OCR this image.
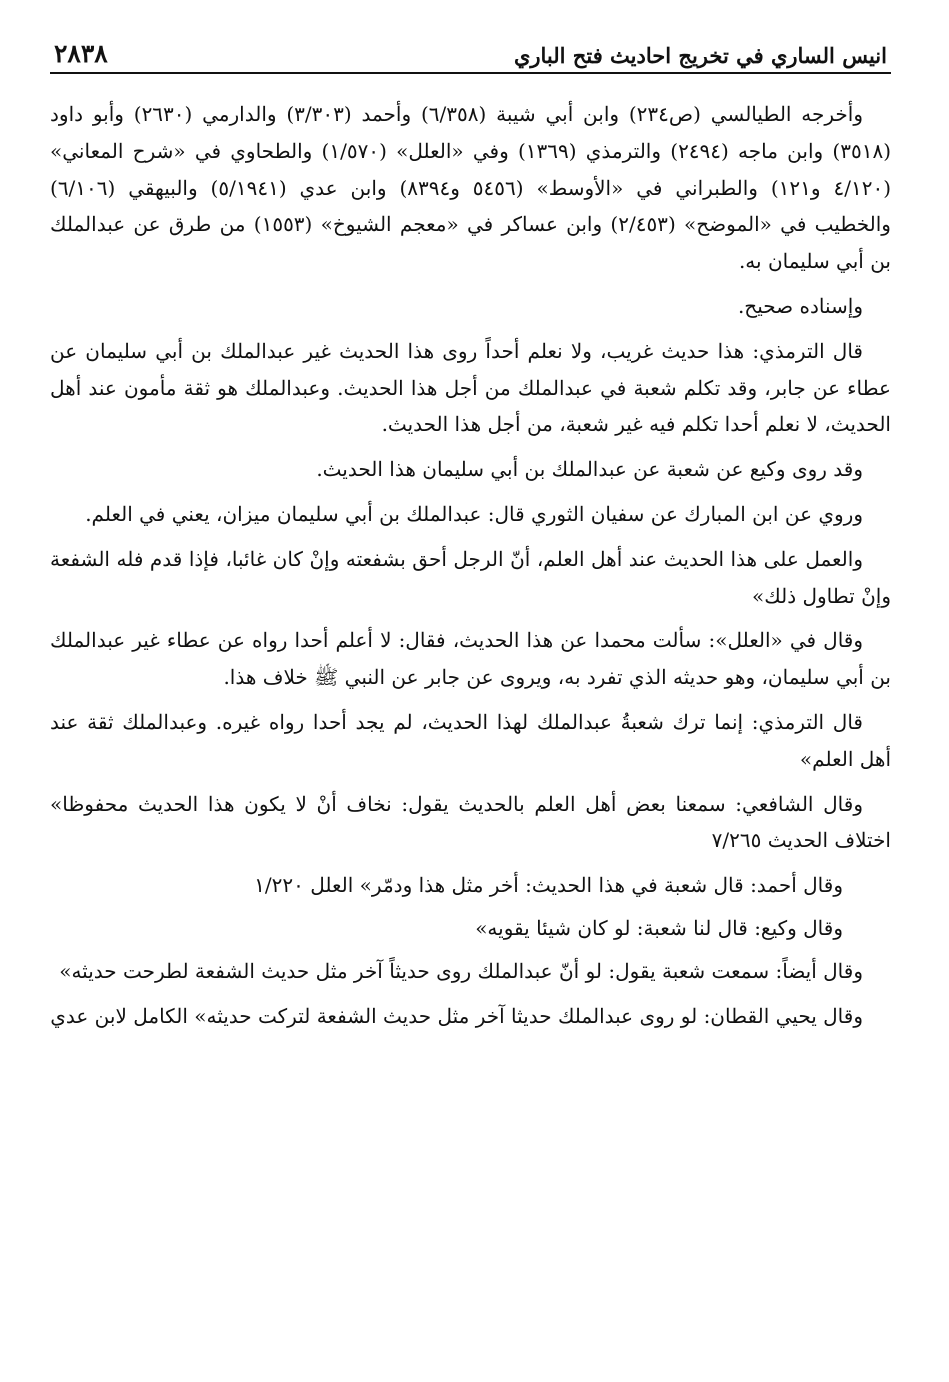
انيس الساري في تخريج احاديث فتح الباري
٢٨٣٨

وأخرجه الطيالسي (ص٢٣٤) وابن أبي شيبة (٦/٣٥٨) وأحمد (٣/٣٠٣) والدارمي (٢٦٣٠) وأبو داود (٣٥١٨) وابن ماجه (٢٤٩٤) والترمذي (١٣٦٩) وفي «العلل» (١/٥٧٠) والطحاوي في «شرح المعاني» (٤/١٢٠ و١٢١) والطبراني في «الأوسط» (٥٤٥٦ و٨٣٩٤) وابن عدي (٥/١٩٤١) والبيهقي (٦/١٠٦) والخطيب في «الموضح» (٢/٤٥٣) وابن عساكر في «معجم الشيوخ» (١٥٥٣) من طرق عن عبدالملك بن أبي سليمان به.

وإسناده صحيح.

قال الترمذي: هذا حديث غريب، ولا نعلم أحداً روى هذا الحديث غير عبدالملك بن أبي سليمان عن عطاء عن جابر، وقد تكلم شعبة في عبدالملك من أجل هذا الحديث. وعبدالملك هو ثقة مأمون عند أهل الحديث، لا نعلم أحدا تكلم فيه غير شعبة، من أجل هذا الحديث.

وقد روى وكيع عن شعبة عن عبدالملك بن أبي سليمان هذا الحديث.

وروي عن ابن المبارك عن سفيان الثوري قال: عبدالملك بن أبي سليمان ميزان، يعني في العلم.

والعمل على هذا الحديث عند أهل العلم، أنّ الرجل أحق بشفعته وإنْ كان غائبا، فإذا قدم فله الشفعة وإنْ تطاول ذلك»

وقال في «العلل»: سألت محمدا عن هذا الحديث، فقال: لا أعلم أحدا رواه عن عطاء غير عبدالملك بن أبي سليمان، وهو حديثه الذي تفرد به، ويروى عن جابر عن النبي ﷺ خلاف هذا.

قال الترمذي: إنما ترك شعبةُ عبدالملك لهذا الحديث، لم يجد أحدا رواه غيره. وعبدالملك ثقة عند أهل العلم»

وقال الشافعي: سمعنا بعض أهل العلم بالحديث يقول: نخاف أنْ لا يكون هذا الحديث محفوظا» اختلاف الحديث ٧/٢٦٥

وقال أحمد: قال شعبة في هذا الحديث: أخر مثل هذا ودمّر» العلل ١/٢٢٠

وقال وكيع: قال لنا شعبة: لو كان شيئا يقويه»

وقال أيضاً: سمعت شعبة يقول: لو أنّ عبدالملك روى حديثاً آخر مثل حديث الشفعة لطرحت حديثه»

وقال يحيي القطان: لو روى عبدالملك حديثا آخر مثل حديث الشفعة لتركت حديثه» الكامل لابن عدي
